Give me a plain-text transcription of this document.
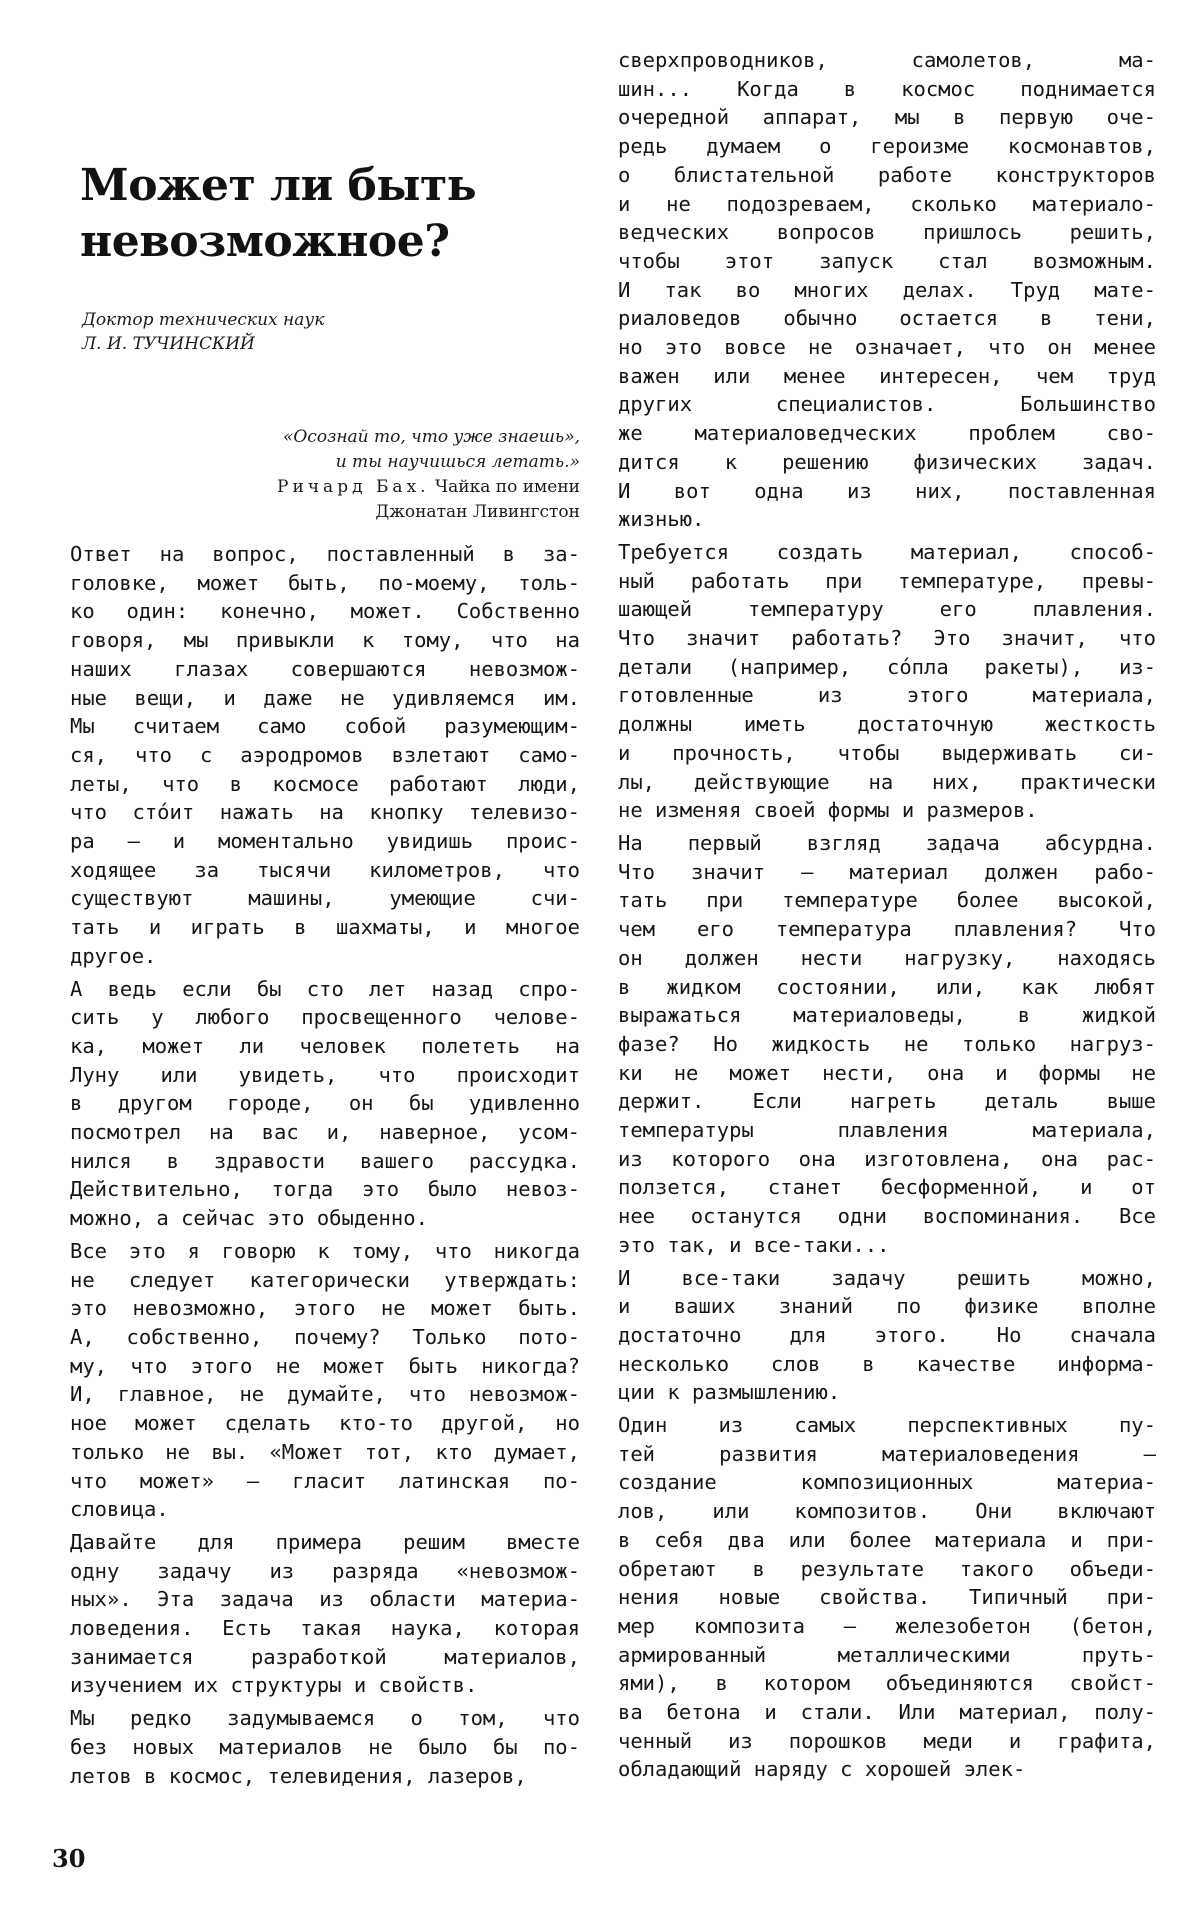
Может ли быть
невозможное?
Доктор технических наук
Л. И. ТУЧИНСКИЙ
«Осознай то, что уже знаешь»,
и ты научишься летать.»
Ричард Бах. Чайка по имени
Джонатан Ливингстон

Ответ на вопрос, поставленный в за-
головке, может быть, по-моему, толь-
ко один: конечно, может. Собственно
говоря, мы привыкли к тому, что на
наших глазах совершаются невозмож-
ные вещи, и даже не удивляемся им.
Мы считаем само собой разумеющим-
ся, что с аэродромов взлетают само-
леты, что в космосе работают люди,
что стóит нажать на кнопку телевизо-
ра — и моментально увидишь проис-
ходящее за тысячи километров, что
существуют машины, умеющие счи-
тать и играть в шахматы, и многое
другое.

А ведь если бы сто лет назад спро-
сить у любого просвещенного челове-
ка, может ли человек полететь на
Луну или увидеть, что происходит
в другом городе, он бы удивленно
посмотрел на вас и, наверное, усом-
нился в здравости вашего рассудка.
Действительно, тогда это было невоз-
можно, а сейчас это обыденно.

Все это я говорю к тому, что никогда
не следует категорически утверждать:
это невозможно, этого не может быть.
А, собственно, почему? Только пото-
му, что этого не может быть никогда?
И, главное, не думайте, что невозмож-
ное может сделать кто-то другой, но
только не вы. «Может тот, кто думает,
что может» — гласит латинская по-
словица.

Давайте для примера решим вместе
одну задачу из разряда «невозмож-
ных». Эта задача из области материа-
ловедения. Есть такая наука, которая
занимается разработкой материалов,
изучением их структуры и свойств.

Мы редко задумываемся о том, что
без новых материалов не было бы по-
летов в космос, телевидения, лазеров,

сверхпроводников, самолетов, ма-
шин... Когда в космос поднимается
очередной аппарат, мы в первую оче-
редь думаем о героизме космонавтов,
о блистательной работе конструкторов
и не подозреваем, сколько материало-
ведческих вопросов пришлось решить,
чтобы этот запуск стал возможным.
И так во многих делах. Труд мате-
риаловедов обычно остается в тени,
но это вовсе не означает, что он менее
важен или менее интересен, чем труд
других специалистов. Большинство
же материаловедческих проблем сво-
дится к решению физических задач.
И вот одна из них, поставленная
жизнью.

Требуется создать материал, способ-
ный работать при температуре, превы-
шающей температуру его плавления.
Что значит работать? Это значит, что
детали (например, сóпла ракеты), из-
готовленные из этого материала,
должны иметь достаточную жесткость
и прочность, чтобы выдерживать си-
лы, действующие на них, практически
не изменяя своей формы и размеров.

На первый взгляд задача абсурдна.
Что значит — материал должен рабо-
тать при температуре более высокой,
чем его температура плавления? Что
он должен нести нагрузку, находясь
в жидком состоянии, или, как любят
выражаться материаловеды, в жидкой
фазе? Но жидкость не только нагруз-
ки не может нести, она и формы не
держит. Если нагреть деталь выше
температуры плавления материала,
из которого она изготовлена, она рас-
ползется, станет бесформенной, и от
нее останутся одни воспоминания. Все
это так, и все-таки...

И все-таки задачу решить можно,
и ваших знаний по физике вполне
достаточно для этого. Но сначала
несколько слов в качестве информа-
ции к размышлению.

Один из самых перспективных пу-
тей развития материаловедения —
создание композиционных материа-
лов, или композитов. Они включают
в себя два или более материала и при-
обретают в результате такого объеди-
нения новые свойства. Типичный при-
мер композита — железобетон (бетон,
армированный металлическими пруть-
ями), в котором объединяются свойст-
ва бетона и стали. Или материал, полу-
ченный из порошков меди и графита,
обладающий наряду с хорошей элек-

30
